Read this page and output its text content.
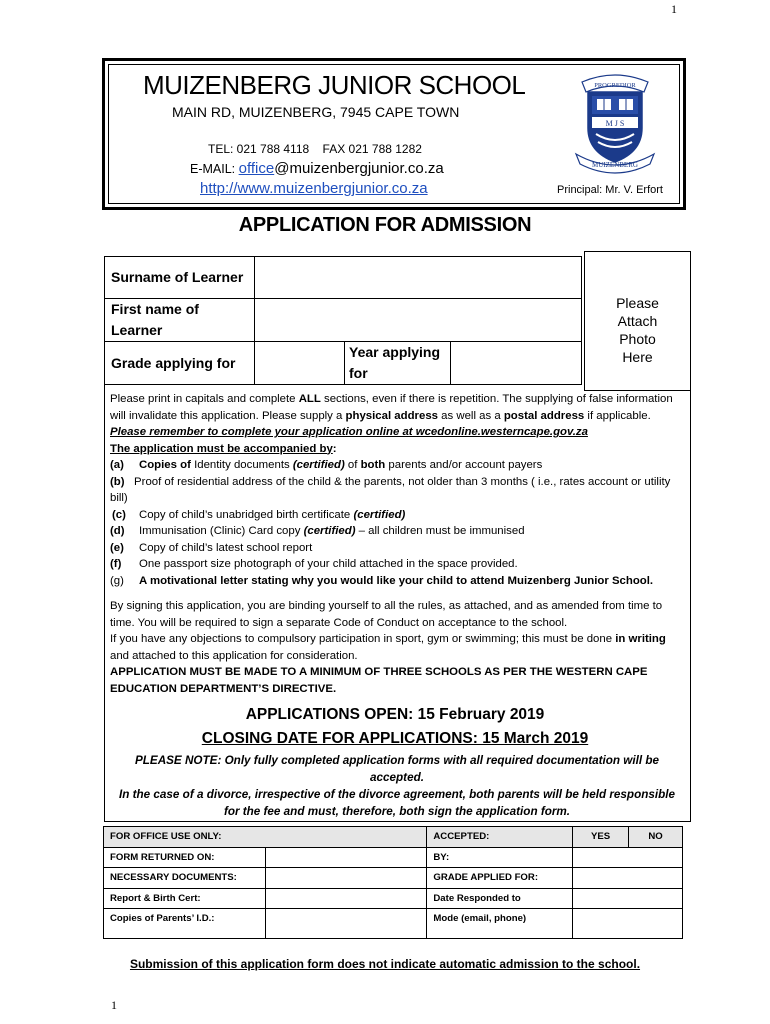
1
MUIZENBERG JUNIOR SCHOOL
MAIN RD, MUIZENBERG, 7945 CAPE TOWN
TEL: 021 788 4118    FAX 021 788 1282
E-MAIL: office@muizenbergjunior.co.za
http://www.muizenbergjunior.co.za	Principal: Mr. V. Erfort
PROGREDIOR
M J S
MUIZENBERG
APPLICATION FOR ADMISSION
Surname of Learner			
First name of Learner			
Grade applying for		Year applying for	
Please Attach Photo Here

Please print in capitals and complete ALL sections, even if there is repetition. The supplying of false information will invalidate this application. Please supply a physical address as well as a postal address if applicable. Please remember to complete your application online at wcedonline.westerncape.gov.za

The application must be accompanied by:

(a)	Copies of Identity documents (certified) of both parents and/or account payers

(b) Proof of residential address of the child & the parents, not older than 3 months ( i.e., rates account or utility bill)

(c)	Copy of child’s unabridged birth certificate (certified)
(d)	Immunisation (Clinic) Card copy (certified) – all children must be immunised
(e)	Copy of child’s latest school report
(f)	One passport size photograph of your child attached in the space provided.
(g)	A motivational letter stating why you would like your child to attend Muizenberg Junior School.

By signing this application, you are binding yourself to all the rules, as attached, and as amended from time to time. You will be required to sign a separate Code of Conduct on acceptance to the school.

If you have any objections to compulsory participation in sport, gym or swimming; this must be done in writing and attached to this application for consideration.

APPLICATION MUST BE MADE TO A MINIMUM OF THREE SCHOOLS AS PER THE WESTERN CAPE EDUCATION DEPARTMENT’S DIRECTIVE.

APPLICATIONS OPEN: 15 February 2019
CLOSING DATE FOR APPLICATIONS: 15 March 2019

PLEASE NOTE: Only fully completed application forms with all required documentation will be accepted.

In the case of a divorce, irrespective of the divorce agreement, both parents will be held responsible for the fee and must, therefore, both sign the application form.

FOR OFFICE USE ONLY:		ACCEPTED:	YES	NO
FORM RETURNED ON:		BY:		
NECESSARY DOCUMENTS:		GRADE APPLIED FOR:		
Report & Birth Cert:		Date Responded to		
Copies of Parents’ I.D.:		Mode (email, phone)		
Submission of this application form does not indicate automatic admission to the school.
1
